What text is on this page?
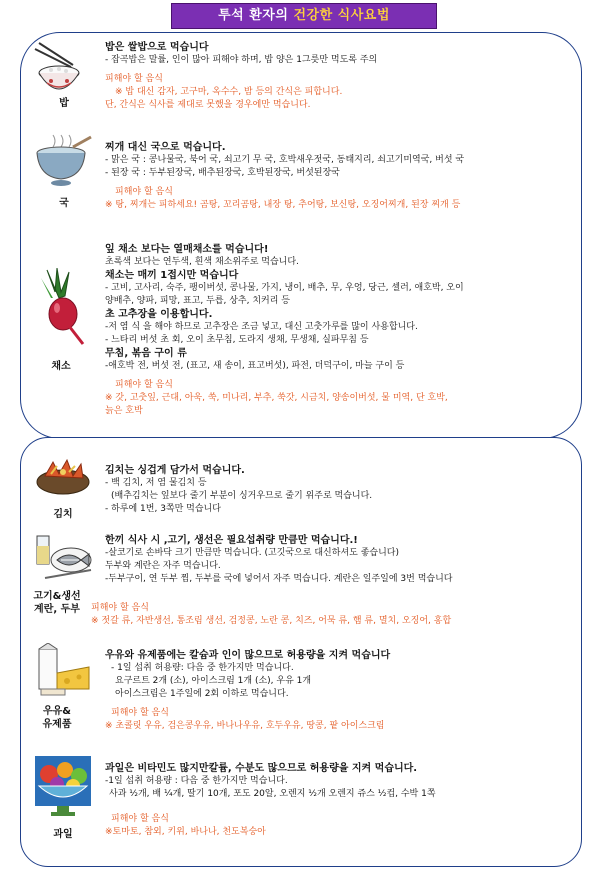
투석 환자의 건강한 식사요법
밥
밥은 쌀밥으로 먹습니다
- 잡곡밥은 말률, 인이 많아 피해야 하며, 밥 양은 1그릇만 먹도록 주의
피해야 할 음식
※ 밥 대신 감자, 고구마, 옥수수, 밤 등의 간식은 피합니다.
단, 간식은 식사를 제대로 못했을 경우에만 먹습니다.
국
찌개 대신 국으로 먹습니다.
- 맑은 국 : 콩나물국, 북어 국, 쇠고기 무 국, 호박새우젓국, 동태지리, 쇠고기미역국, 버섯 국
- 된장 국 : 두부된장국, 배추된장국, 호박된장국, 버섯된장국
피해야 할 음식
※ 탕, 찌개는 피하세요! 곰탕, 꼬리곰탕, 내장 탕, 추어탕, 보신탕, 오징어찌개, 된장 찌개 등
채소
잎 채소 보다는 열매채소를 먹습니다!
초록색 보다는 연두색, 흰색 채소위주로 먹습니다.
채소는 매끼 1접시만 먹습니다
- 고비, 고사리, 숙주, 팽이버섯, 콩나물, 가지, 냉이, 배추, 무, 우엉, 당근, 셀러, 애호박, 오이
양배추, 양파, 피망, 표고, 두릅, 상추, 치커리 등
초 고추장을 이용합니다.
-저 염 식 을 해야 하므로 고추장은 조금 넣고, 대신 고춧가루를 많이 사용합니다.
- 느타리 버섯 초 회, 오이 초무침, 도라지 생채, 무생채, 실파무침 등
무침, 볶음 구이 류
-애호박 전, 버섯 전, (표고, 새 송이, 표고버섯), 파전, 더덕구이, 마늘 구이 등
피해야 할 음식
※ 갓, 고춧잎, 근대, 아욱, 쑥, 미나리, 부추, 쑥갓, 시금치, 양송이버섯, 물 미역, 단 호박,
늙은 호박
김치
김치는 싱겁게 담가서 먹습니다.
- 백 김치, 저 염 물김치 등
(배추김치는 잎보다 줄기 부분이 싱거우므로 줄기 위주로 먹습니다.
- 하루에 1번, 3쪽만 먹습니다
고기&생선
계란, 두부
한끼 식사 시 ,고기, 생선은 필요섭취량 만큼만 먹습니다.!
-살코기로 손바닥 크기 만큼만 먹습니다. (고깃국으로 대신하셔도 좋습니다)
두부와 계란은 자주 먹습니다.
-두부구이, 연 두부 찜, 두부를 국에 넣어서 자주 먹습니다. 계란은 일주일에 3번 먹습니다
피해야 할 음식
※ 젓갈 류, 자반생선, 통조림 생선, 검정콩, 노란 콩, 치즈, 어묵 류, 햄 류, 멸치, 오징어, 홍합
우유&
유제품
우유와 유제품에는 칼슘과 인이 많으므로 허용량을 지켜 먹습니다
- 1일 섭취 허용량: 다음 중 한가지만 먹습니다.
요구르트 2개 (소), 아이스크림 1개 (소), 우유 1개
아이스크림은 1주일에 2회 이하로 먹습니다.
피해야 할 음식
※ 초콜릿 우유, 검은콩우유, 바나나우유, 호두우유, 땅콩, 팥 아이스크림
과일
과일은 비타민도 많지만칼륨, 수분도 많으므로 허용량을 지켜 먹습니다.
-1일 섭취 허용량 : 다음 중 한가지만 먹습니다.
사과 ½개, 배 ¼개, 딸기 10개, 포도 20알, 오렌지 ½개 오렌지 쥬스 ½컵, 수박 1쪽
피해야 할 음식
※토마토, 참외, 키위, 바나나, 천도복숭아
